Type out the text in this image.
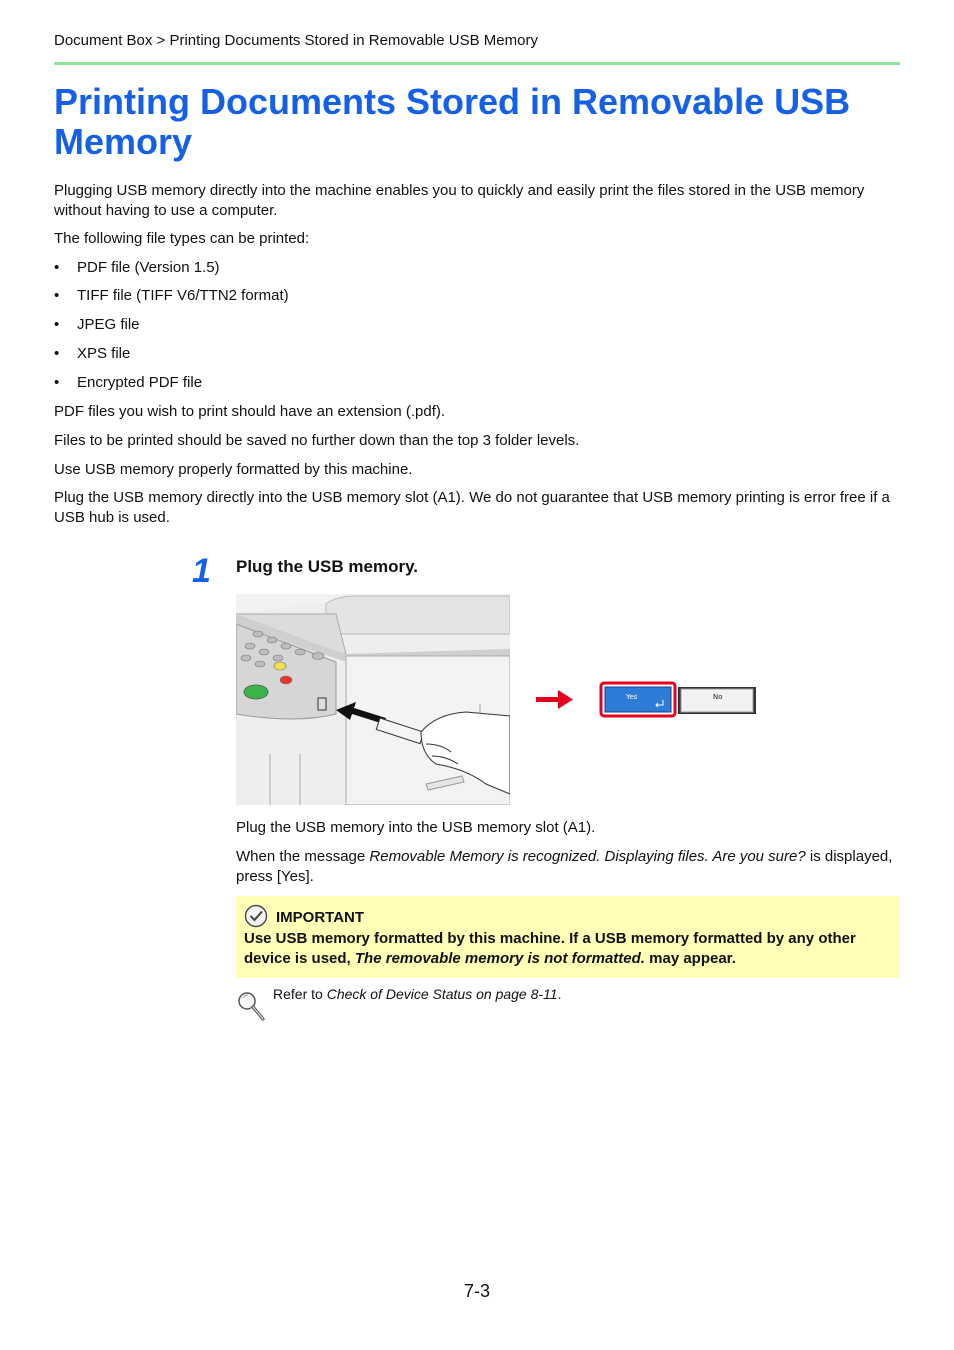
Document Box > Printing Documents Stored in Removable USB Memory
Printing Documents Stored in Removable USB Memory

Plugging USB memory directly into the machine enables you to quickly and easily print the files stored in the USB memory without having to use a computer.

The following file types can be printed:

• PDF file (Version 1.5)
• TIFF file (TIFF V6/TTN2 format)
• JPEG file
• XPS file
• Encrypted PDF file

PDF files you wish to print should have an extension (.pdf).

Files to be printed should be saved no further down than the top 3 folder levels.

Use USB memory properly formatted by this machine.

Plug the USB memory directly into the USB memory slot (A1). We do not guarantee that USB memory printing is error free if a USB hub is used.

1 Plug the USB memory.
Yes	No

Plug the USB memory into the USB memory slot (A1).

When the message Removable Memory is recognized. Displaying files. Are you sure? is displayed, press [Yes].

IMPORTANT
Use USB memory formatted by this machine. If a USB memory formatted by any other device is used, The removable memory is not formatted. may appear.
Refer to Check of Device Status on page 8-11.
7-3
